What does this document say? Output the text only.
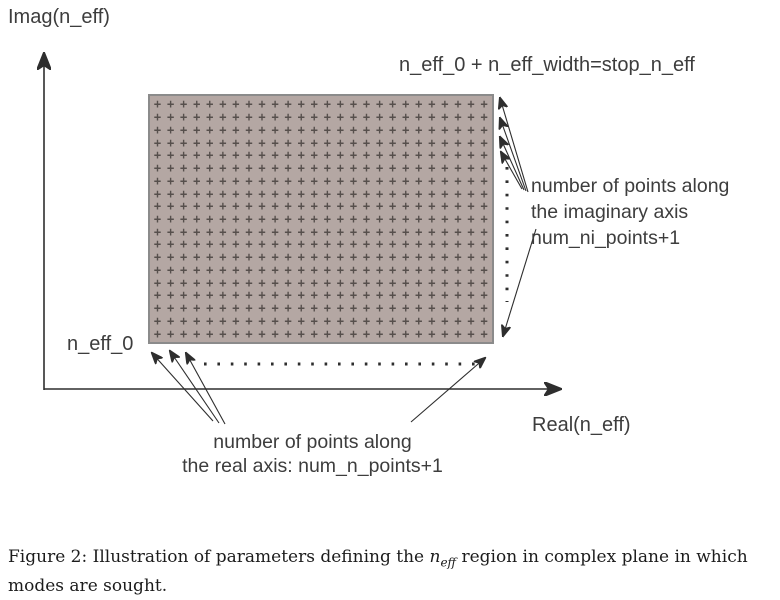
+ + + + + + + + + + + + + + + + + + + + + + + + + +
+ + + + + + + + + + + + + + + + + + + + + + + + + +
+ + + + + + + + + + + + + + + + + + + + + + + + + +
+ + + + + + + + + + + + + + + + + + + + + + + + + +
+ + + + + + + + + + + + + + + + + + + + + + + + + +
+ + + + + + + + + + + + + + + + + + + + + + + + + +
+ + + + + + + + + + + + + + + + + + + + + + + + + +
+ + + + + + + + + + + + + + + + + + + + + + + + + +
+ + + + + + + + + + + + + + + + + + + + + + + + + +
+ + + + + + + + + + + + + + + + + + + + + + + + + +
+ + + + + + + + + + + + + + + + + + + + + + + + + +
+ + + + + + + + + + + + + + + + + + + + + + + + + +
+ + + + + + + + + + + + + + + + + + + + + + + + + +
+ + + + + + + + + + + + + + + + + + + + + + + + + +
+ + + + + + + + + + + + + + + + + + + + + + + + + +
+ + + + + + + + + + + + + + + + + + + + + + + + + +
+ + + + + + + + + + + + + + + + + + + + + + + + + +
+ + + + + + + + + + + + + + + + + + + + + + + + + +
+ + + + + + + + + + + + + + + + + + + + + + + + + +
Imag(n_eff)
Real(n_eff)
n_eff_0 + n_eff_width=stop_n_eff
n_eff_0
number of points along
the imaginary axis
num_ni_points+1
number of points along
the real axis: num_n_points+1

Figure 2: Illustration of parameters defining the $n_{eff}$ region in complex plane in which modes are sought.
